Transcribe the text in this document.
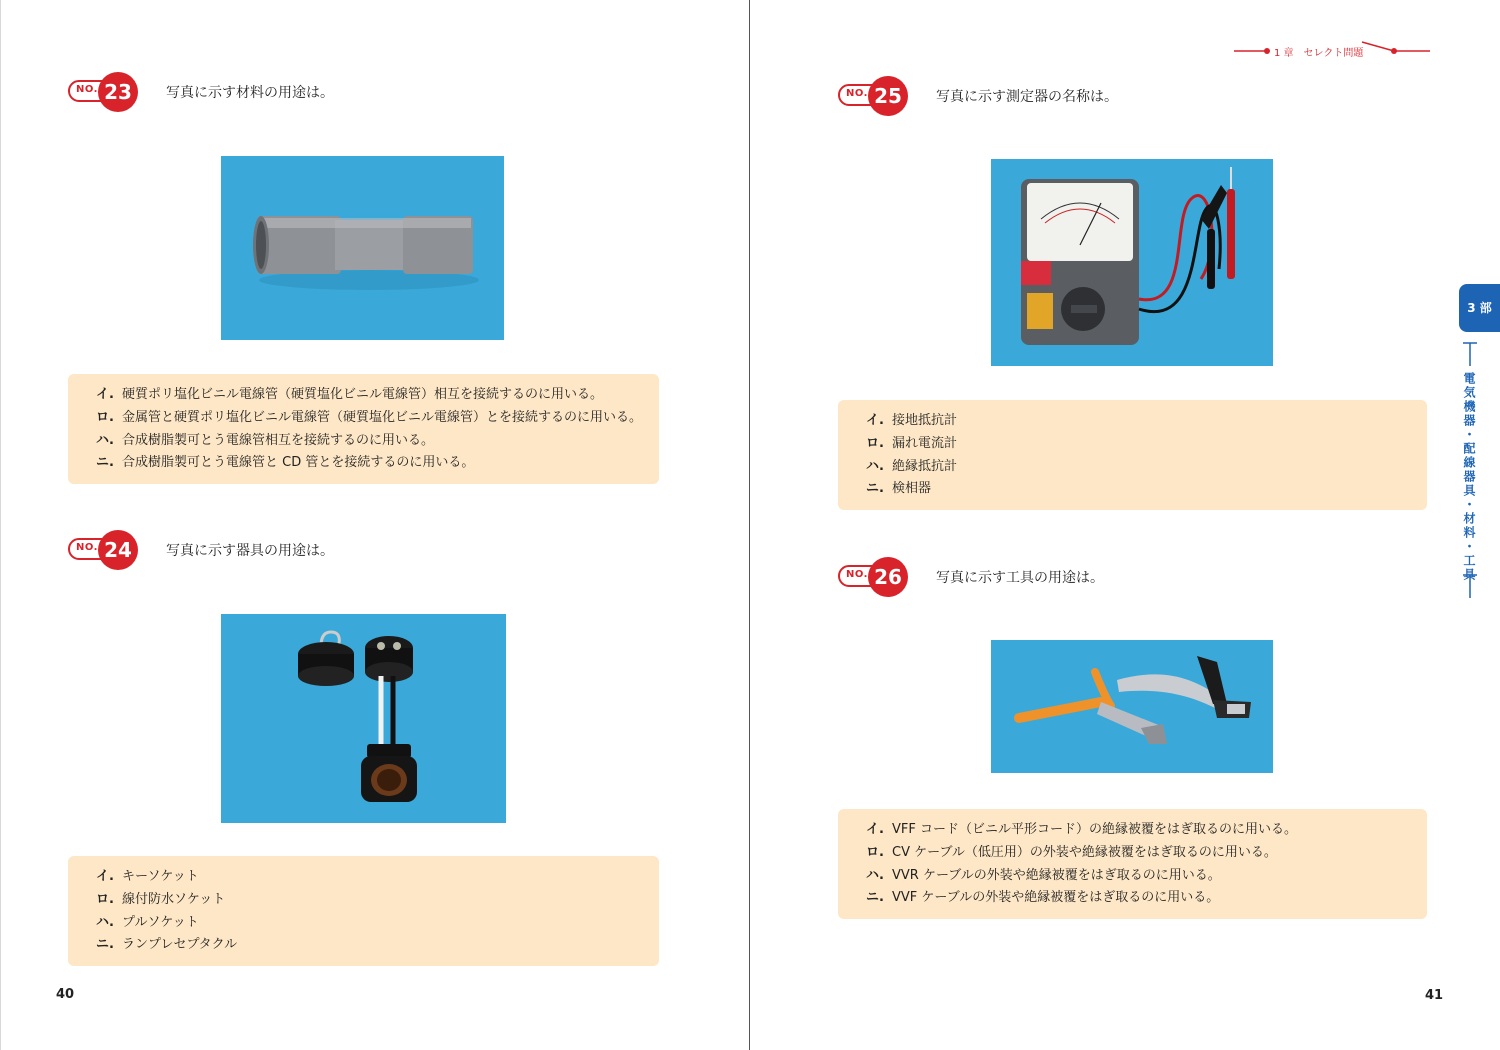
NO. 23	写真に示す材料の用途は。
イ. 硬質ポリ塩化ビニル電線管（硬質塩化ビニル電線管）相互を接続するのに用いる。
ロ. 金属管と硬質ポリ塩化ビニル電線管（硬質塩化ビニル電線管）とを接続するのに用いる。
ハ. 合成樹脂製可とう電線管相互を接続するのに用いる。
ニ. 合成樹脂製可とう電線管と CD 管とを接続するのに用いる。
NO. 24	写真に示す器具の用途は。
イ. キーソケット
ロ. 線付防水ソケット
ハ. プルソケット
ニ. ランプレセプタクル
40
1 章　セレクト問題
NO. 25	写真に示す測定器の名称は。
イ. 接地抵抗計
ロ. 漏れ電流計
ハ. 絶縁抵抗計
ニ. 検相器
NO. 26	写真に示す工具の用途は。
イ. VFF コード（ビニル平形コード）の絶縁被覆をはぎ取るのに用いる。
ロ. CV ケーブル（低圧用）の外装や絶縁被覆をはぎ取るのに用いる。
ハ. VVR ケーブルの外装や絶縁被覆をはぎ取るのに用いる。
ニ. VVF ケーブルの外装や絶縁被覆をはぎ取るのに用いる。
3 部
電気機器・配線器具・材料・工具
41
